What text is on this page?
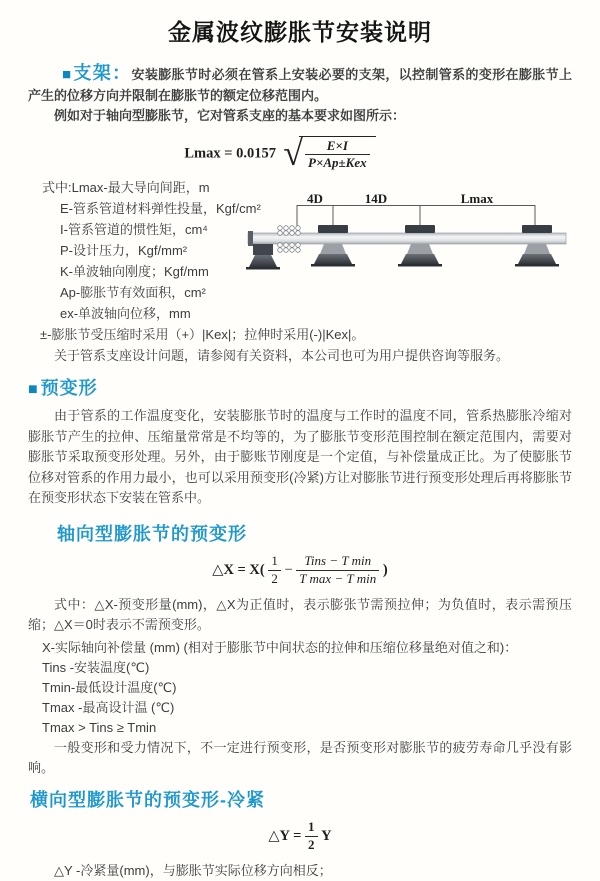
金属波纹膨胀节安装说明

■ 支架：安装膨胀节时必须在管系上安装必要的支架，以控制管系的变形在膨胀节上产生的位移方向并限制在膨胀节的额定位移范围内。

例如对于轴向型膨胀节，它对管系支座的基本要求如图所示：

Lmax = 0.0157 √ $\frac{E\times I}{\text{P×Ap±Kex}}$
式中:Lmax-最大导向间距，m
E-管系管道材料弹性投量，Kgf/cm²
I-管系管道的惯性矩，cm⁴
P-设计压力，Kgf/mm²
K-单波轴向刚度；Kgf/mm
Ap-膨胀节有效面积，cm²
ex-单波轴向位移，mm
±-膨胀节受压缩时采用（+）|Kex|；拉伸时采用(-)|Kex|。
关于管系支座设计问题，请参阅有关资料，本公司也可为用户提供咨询等服务。
■ 预变形

由于管系的工作温度变化，安装膨胀节时的温度与工作时的温度不同，管系热膨胀冷缩对膨胀节产生的拉伸、压缩量常常是不均等的，为了膨胀节变形范围控制在额定范围内，需要对膨胀节采取预变形处理。另外，由于膨账节刚度是一个定值，与补偿量成正比。为了使膨胀节位移对管系的作用力最小，也可以采用预变形(冷紧)方让对膨胀节进行预变形处理后再将膨胀节在预变形状态下安装在管系中。

轴向型膨胀节的预变形
△X = $X( \frac{1}{2} - \frac{\text{Tins − T min}}{\text{T max − T min}}$ )

式中：△X-预变形量(mm)，△X为正值时，表示膨张节需预拉伸；为负值时，表示需预压缩；△X＝0时表示不需预变形。

X-实际轴向补偿量 (mm) (相对于膨胀节中间状态的拉伸和压缩位移量绝对值之和)：
Tins -安装温度(℃)
Tmin-最低设计温度(℃)
Tmax -最高设计温 (℃)
Tmax > Tins ≥ Tmin

一般变形和受力情况下，不一定进行预变形，是否预变形对膨胀节的疲劳寿命几乎没有影响。

横向型膨胀节的预变形-冷紧
△Y = $\frac{1}{2}$ Y

△Y -冷紧量(mm)，与膨胀节实际位移方向相反；

4D	14D	Lmax
